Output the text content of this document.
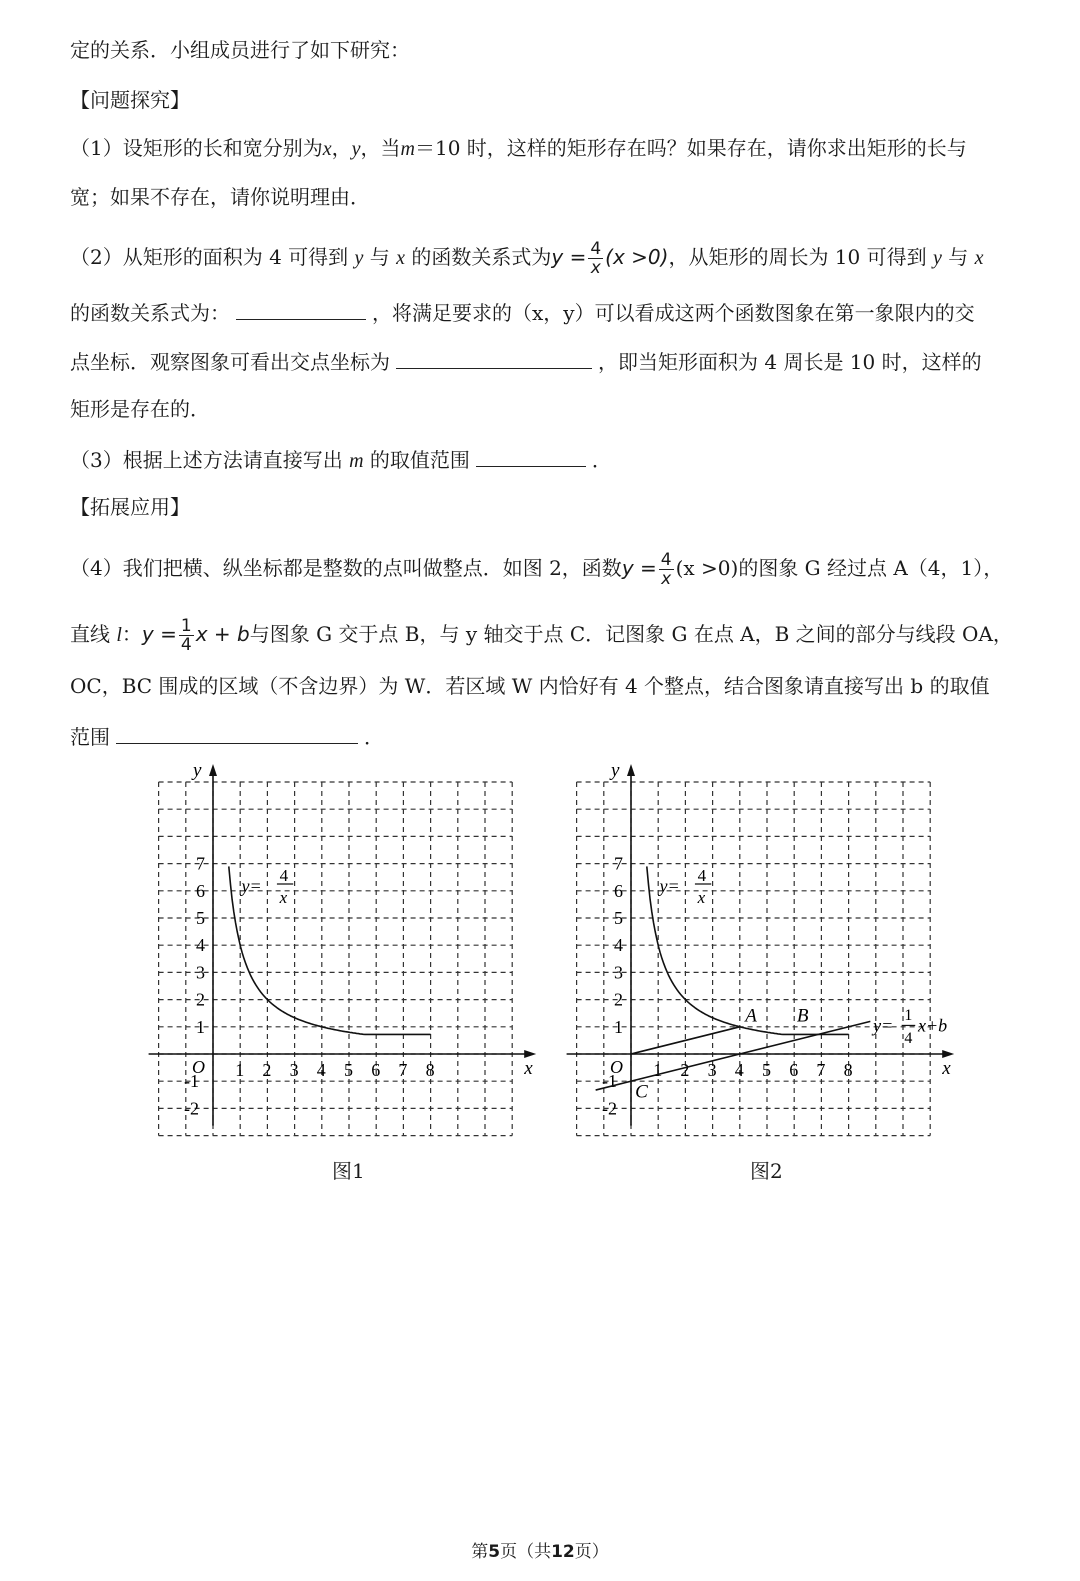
定的关系．小组成员进行了如下研究：
【问题探究】
（1）设矩形的长和宽分别为x，y，当m＝10 时，这样的矩形存在吗？如果存在，请你求出矩形的长与
宽；如果不存在，请你说明理由．
（2）从矩形的面积为 4 可得到 y 与 x 的函数关系式为$y = \frac{4}{x} (x >0)$，从矩形的周长为 10 可得到 y 与 x
的函数关系式为：	，将满足要求的（x，y）可以看成这两个函数图象在第一象限内的交
点坐标．观察图象可看出交点坐标为	，即当矩形面积为 4 周长是 10 时，这样的
矩形是存在的．
（3）根据上述方法请直接写出 m 的取值范围	．
【拓展应用】
（4）我们把横、纵坐标都是整数的点叫做整点．如图 2，函数$y = \frac{4}{x} (x >0)$的图象 G 经过点 A（4，1），
直线 l：$y = \frac{1}{4}$ x + b与图象 G 交于点 B，与 y 轴交于点 C．记图象 G 在点 A，B 之间的部分与线段 OA，
OC，BC 围成的区域（不含边界）为 W．若区域 W 内恰好有 4 个整点，结合图象请直接写出 b 的取值
范围	．
x
y
O 1 2 3 4 5 6 7 8
1
2
3
4
5
6
7
-1
-2
y=
4
x
图1
x
y
O 1 2 3 4 5 6 7 8
1
2
3
4
5
6
7
-1
-2
y=
4
x
A B
C
y=
1
4
x+b
图2
第5页（共12页）
